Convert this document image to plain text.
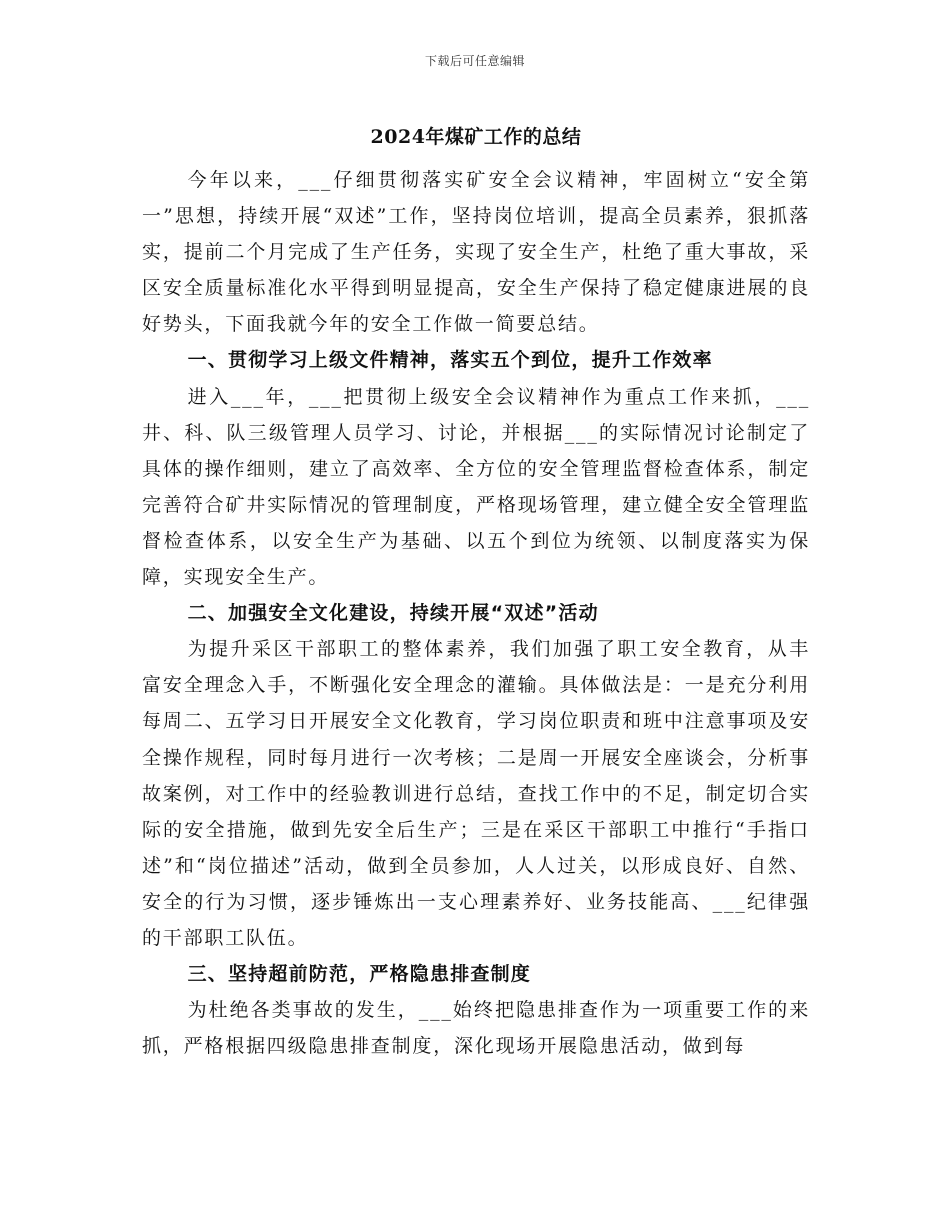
下载后可任意编辑
2024年煤矿工作的总结

今年以来，___仔细贯彻落实矿安全会议精神，牢固树立“安全第一”思想，持续开展“双述”工作，坚持岗位培训，提高全员素养，狠抓落实，提前二个月完成了生产任务，实现了安全生产，杜绝了重大事故，采区安全质量标准化水平得到明显提高，安全生产保持了稳定健康进展的良好势头，下面我就今年的安全工作做一简要总结。

一、贯彻学习上级文件精神，落实五个到位，提升工作效率

进入___年，___把贯彻上级安全会议精神作为重点工作来抓，___井、科、队三级管理人员学习、讨论，并根据___的实际情况讨论制定了具体的操作细则，建立了高效率、全方位的安全管理监督检查体系，制定完善符合矿井实际情况的管理制度，严格现场管理，建立健全安全管理监督检查体系，以安全生产为基础、以五个到位为统领、以制度落实为保障，实现安全生产。

二、加强安全文化建设，持续开展“双述”活动

为提升采区干部职工的整体素养，我们加强了职工安全教育，从丰富安全理念入手，不断强化安全理念的灌输。具体做法是：一是充分利用每周二、五学习日开展安全文化教育，学习岗位职责和班中注意事项及安全操作规程，同时每月进行一次考核；二是周一开展安全座谈会，分析事故案例，对工作中的经验教训进行总结，查找工作中的不足，制定切合实际的安全措施，做到先安全后生产；三是在采区干部职工中推行“手指口述”和“岗位描述”活动，做到全员参加，人人过关，以形成良好、自然、安全的行为习惯，逐步锤炼出一支心理素养好、业务技能高、___纪律强的干部职工队伍。

三、坚持超前防范，严格隐患排查制度

为杜绝各类事故的发生，___始终把隐患排查作为一项重要工作的来抓，严格根据四级隐患排查制度，深化现场开展隐患活动，做到每
